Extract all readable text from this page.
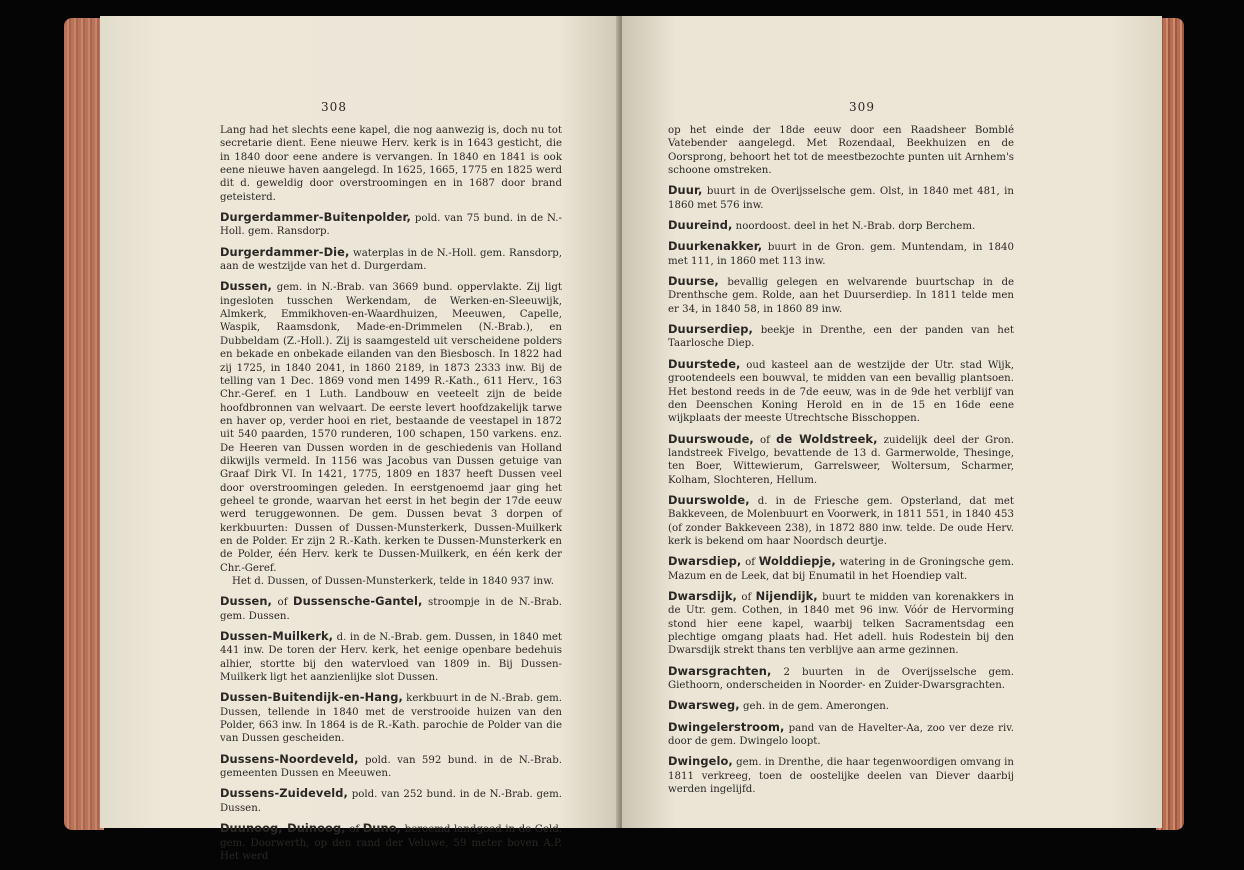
308
Lang had het slechts eene kapel, die nog aanwezig is, doch nu tot secretarie dient. Eene nieuwe Herv. kerk is in 1643 gesticht, die in 1840 door eene andere is vervangen. In 1840 en 1841 is ook eene nieuwe haven aangelegd. In 1625, 1665, 1775 en 1825 werd dit d. geweldig door overstroomingen en in 1687 door brand geteisterd.
Durgerdammer-Buitenpolder, pold. van 75 bund. in de N.-Holl. gem. Ransdorp.
Durgerdammer-Die, waterplas in de N.-Holl. gem. Ransdorp, aan de westzijde van het d. Durgerdam.
Dussen, gem. in N.-Brab. van 3669 bund. oppervlakte. Zij ligt ingesloten tusschen Werkendam, de Werken-en-Sleeuwijk, Almkerk, Emmikhoven-en-Waardhuizen, Meeuwen, Capelle, Waspik, Raamsdonk, Made-en-Drimmelen (N.-Brab.), en Dubbeldam (Z.-Holl.). Zij is saamgesteld uit verscheidene polders en bekade en onbekade eilanden van den Biesbosch. In 1822 had zij 1725, in 1840 2041, in 1860 2189, in 1873 2333 inw. Bij de telling van 1 Dec. 1869 vond men 1499 R.-Kath., 611 Herv., 163 Chr.-Geref. en 1 Luth. Landbouw en veeteelt zijn de beide hoofdbronnen van welvaart. De eerste levert hoofdzakelijk tarwe en haver op, verder hooi en riet, bestaande de veestapel in 1872 uit 540 paarden, 1570 runderen, 100 schapen, 150 varkens. enz. De Heeren van Dussen worden in de geschiedenis van Holland dikwijls vermeld. In 1156 was Jacobus van Dussen getuige van Graaf Dirk VI. In 1421, 1775, 1809 en 1837 heeft Dussen veel door overstroomingen geleden. In eerstgenoemd jaar ging het geheel te gronde, waarvan het eerst in het begin der 17de eeuw werd teruggewonnen. De gem. Dussen bevat 3 dorpen of kerkbuurten: Dussen of Dussen-Munsterkerk, Dussen-Muilkerk en de Polder. Er zijn 2 R.-Kath. kerken te Dussen-Munsterkerk en de Polder, één Herv. kerk te Dussen-Muilkerk, en één kerk der Chr.-Geref.

Het d. Dussen, of Dussen-Munsterkerk, telde in 1840 937 inw.

Dussen, of Dussensche-Gantel, stroompje in de N.-Brab. gem. Dussen.
Dussen-Muilkerk, d. in de N.-Brab. gem. Dussen, in 1840 met 441 inw. De toren der Herv. kerk, het eenige openbare bedehuis alhier, stortte bij den watervloed van 1809 in. Bij Dussen-Muilkerk ligt het aanzienlijke slot Dussen.
Dussen-Buitendijk-en-Hang, kerkbuurt in de N.-Brab. gem. Dussen, tellende in 1840 met de verstrooide huizen van den Polder, 663 inw. In 1864 is de R.-Kath. parochie de Polder van die van Dussen gescheiden.
Dussens-Noordeveld, pold. van 592 bund. in de N.-Brab. gemeenten Dussen en Meeuwen.
Dussens-Zuideveld, pold. van 252 bund. in de N.-Brab. gem. Dussen.
Duunoog, Duinoog, of Duno, beroemd landgoed in de Geld. gem. Doorwerth, op den rand der Veluwe, 59 meter boven A.P. Het werd
309
op het einde der 18de eeuw door een Raadsheer Bomblé Vatebender aangelegd. Met Rozendaal, Beekhuizen en de Oorsprong, behoort het tot de meestbezochte punten uit Arnhem's schoone omstreken.
Duur, buurt in de Overijsselsche gem. Olst, in 1840 met 481, in 1860 met 576 inw.
Duureind, noordoost. deel in het N.-Brab. dorp Berchem.
Duurkenakker, buurt in de Gron. gem. Muntendam, in 1840 met 111, in 1860 met 113 inw.
Duurse, bevallig gelegen en welvarende buurtschap in de Drenthsche gem. Rolde, aan het Duurserdiep. In 1811 telde men er 34, in 1840 58, in 1860 89 inw.
Duurserdiep, beekje in Drenthe, een der panden van het Taarlosche Diep.
Duurstede, oud kasteel aan de westzijde der Utr. stad Wijk, grootendeels een bouwval, te midden van een bevallig plantsoen. Het bestond reeds in de 7de eeuw, was in de 9de het verblijf van den Deenschen Koning Herold en in de 15 en 16de eene wijkplaats der meeste Utrechtsche Bisschoppen.
Duurswoude, of de Woldstreek, zuidelijk deel der Gron. landstreek Fivelgo, bevattende de 13 d. Garmerwolde, Thesinge, ten Boer, Wittewierum, Garrelsweer, Woltersum, Scharmer, Kolham, Slochteren, Hellum.
Duurswolde, d. in de Friesche gem. Opsterland, dat met Bakkeveen, de Molenbuurt en Voorwerk, in 1811 551, in 1840 453 (of zonder Bakkeveen 238), in 1872 880 inw. telde. De oude Herv. kerk is bekend om haar Noordsch deurtje.
Dwarsdiep, of Wolddiepje, watering in de Groningsche gem. Mazum en de Leek, dat bij Enumatil in het Hoendiep valt.
Dwarsdijk, of Nijendijk, buurt te midden van korenakkers in de Utr. gem. Cothen, in 1840 met 96 inw. Vóór de Hervorming stond hier eene kapel, waarbij telken Sacramentsdag een plechtige omgang plaats had. Het adell. huis Rodestein bij den Dwarsdijk strekt thans ten verblijve aan arme gezinnen.
Dwarsgrachten, 2 buurten in de Overijsselsche gem. Giethoorn, onderscheiden in Noorder- en Zuider-Dwarsgrachten.
Dwarsweg, geh. in de gem. Amerongen.
Dwingelerstroom, pand van de Havelter-Aa, zoo ver deze riv. door de gem. Dwingelo loopt.
Dwingelo, gem. in Drenthe, die haar tegenwoordigen omvang in 1811 verkreeg, toen de oostelijke deelen van Diever daarbij werden ingelijfd.
